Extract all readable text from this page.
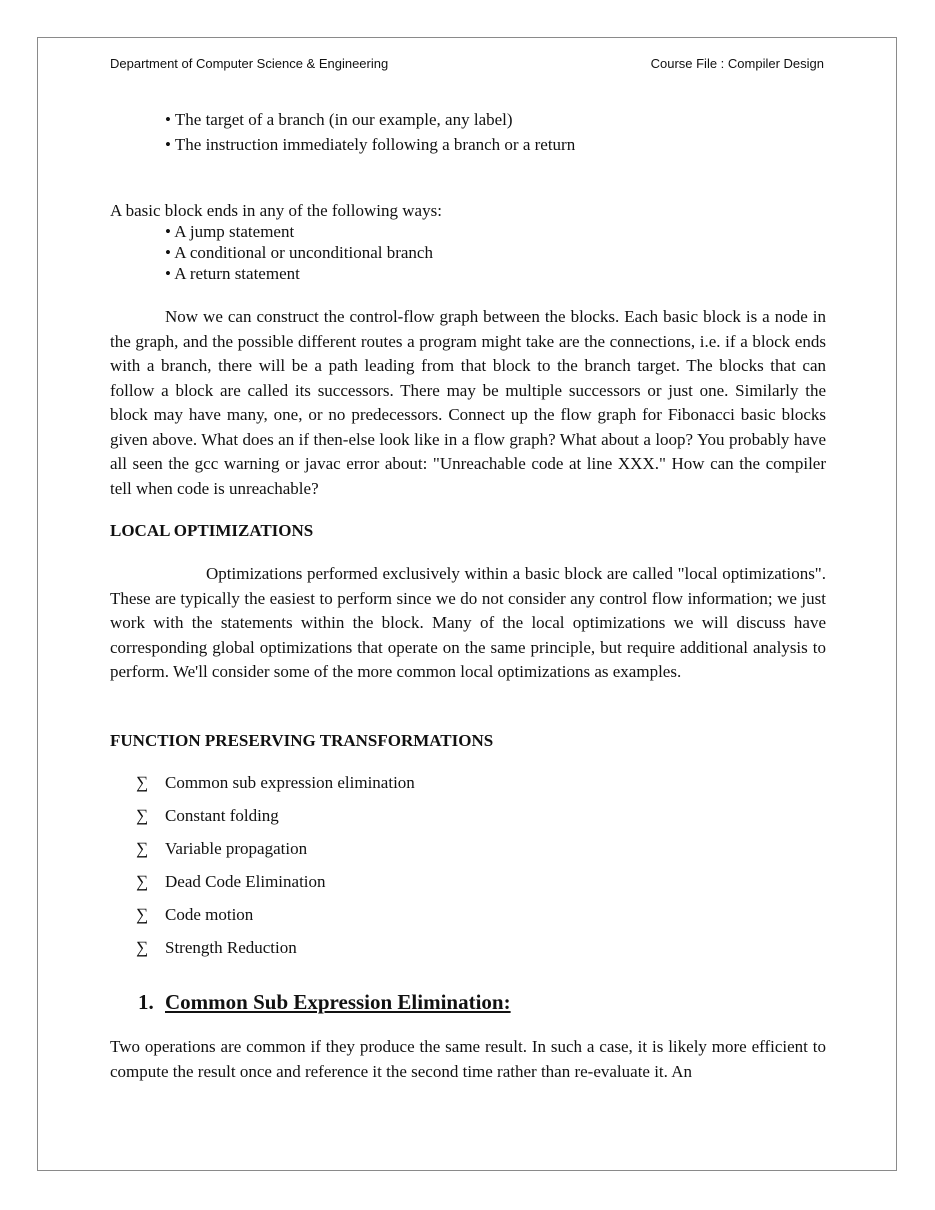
Department of Computer Science & Engineering	Course File : Compiler Design
• The target of a branch (in our example, any label)
• The instruction immediately following a branch or a return
A basic block ends in any of the following ways:
• A jump statement
• A conditional or unconditional branch
• A return statement

Now we can construct the control-flow graph between the blocks. Each basic block is a node in the graph, and the possible different routes a program might take are the connections, i.e. if a block ends with a branch, there will be a path leading from that block to the branch target. The blocks that can follow a block are called its successors. There may be multiple successors or just one. Similarly the block may have many, one, or no predecessors. Connect up the flow graph for Fibonacci basic blocks given above. What does an if then-else look like in a flow graph? What about a loop? You probably have all seen the gcc warning or javac error about: "Unreachable code at line XXX." How can the compiler tell when code is unreachable?

LOCAL OPTIMIZATIONS

Optimizations performed exclusively within a basic block are called "local optimizations". These are typically the easiest to perform since we do not consider any control flow information; we just work with the statements within the block. Many of the local optimizations we will discuss have corresponding global optimizations that operate on the same principle, but require additional analysis to perform. We'll consider some of the more common local optimizations as examples.

FUNCTION PRESERVING TRANSFORMATIONS
∑ Common sub expression elimination
∑ Constant folding
∑ Variable propagation
∑ Dead Code Elimination
∑ Code motion
∑ Strength Reduction
1. Common Sub Expression Elimination:

Two operations are common if they produce the same result. In such a case, it is likely more efficient to compute the result once and reference it the second time rather than re-evaluate it. An
